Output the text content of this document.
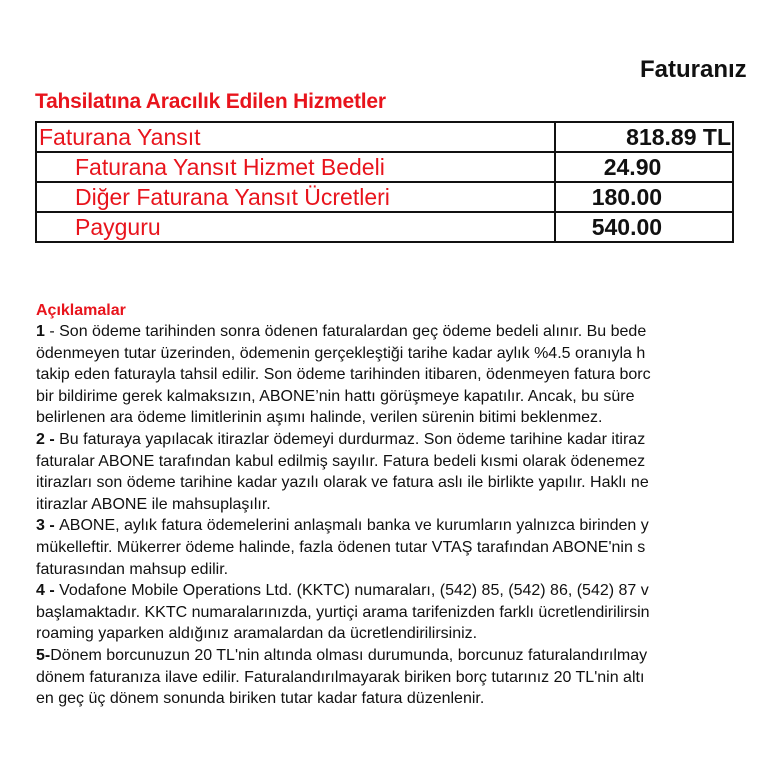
Faturanız
Tahsilatına Aracılık Edilen Hizmetler
Faturana Yansıt	818.89 TL
Faturana Yansıt Hizmet Bedeli	24.90
Diğer Faturana Yansıt Ücretleri	180.00
Payguru	540.00
Açıklamalar
1 - Son ödeme tarihinden sonra ödenen faturalardan geç ödeme bedeli alınır. Bu bede
ödenmeyen tutar üzerinden, ödemenin gerçekleştiği tarihe kadar aylık %4.5 oranıyla h
takip eden faturayla tahsil edilir. Son ödeme tarihinden itibaren, ödenmeyen fatura borc
bir bildirime gerek kalmaksızın, ABONE’nin hattı görüşmeye kapatılır. Ancak, bu süre
belirlenen ara ödeme limitlerinin aşımı halinde, verilen sürenin bitimi beklenmez.
2 - Bu faturaya yapılacak itirazlar ödemeyi durdurmaz. Son ödeme tarihine kadar itiraz
faturalar ABONE tarafından kabul edilmiş sayılır. Fatura bedeli kısmi olarak ödenemez
itirazları son ödeme tarihine kadar yazılı olarak ve fatura aslı ile birlikte yapılır. Haklı ne
itirazlar ABONE ile mahsuplaşılır.
3 - ABONE, aylık fatura ödemelerini anlaşmalı banka ve kurumların yalnızca birinden y
mükelleftir. Mükerrer ödeme halinde, fazla ödenen tutar VTAŞ tarafından ABONE'nin s
faturasından mahsup edilir.
4 - Vodafone Mobile Operations Ltd. (KKTC) numaraları, (542) 85, (542) 86, (542) 87 v
başlamaktadır. KKTC numaralarınızda, yurtiçi arama tarifenizden farklı ücretlendirilirsin
roaming yaparken aldığınız aramalardan da ücretlendirilirsiniz.
5-Dönem borcunuzun 20 TL'nin altında olması durumunda, borcunuz faturalandırılmay
dönem faturanıza ilave edilir. Faturalandırılmayarak biriken borç tutarınız 20 TL'nin altı
en geç üç dönem sonunda biriken tutar kadar fatura düzenlenir.
